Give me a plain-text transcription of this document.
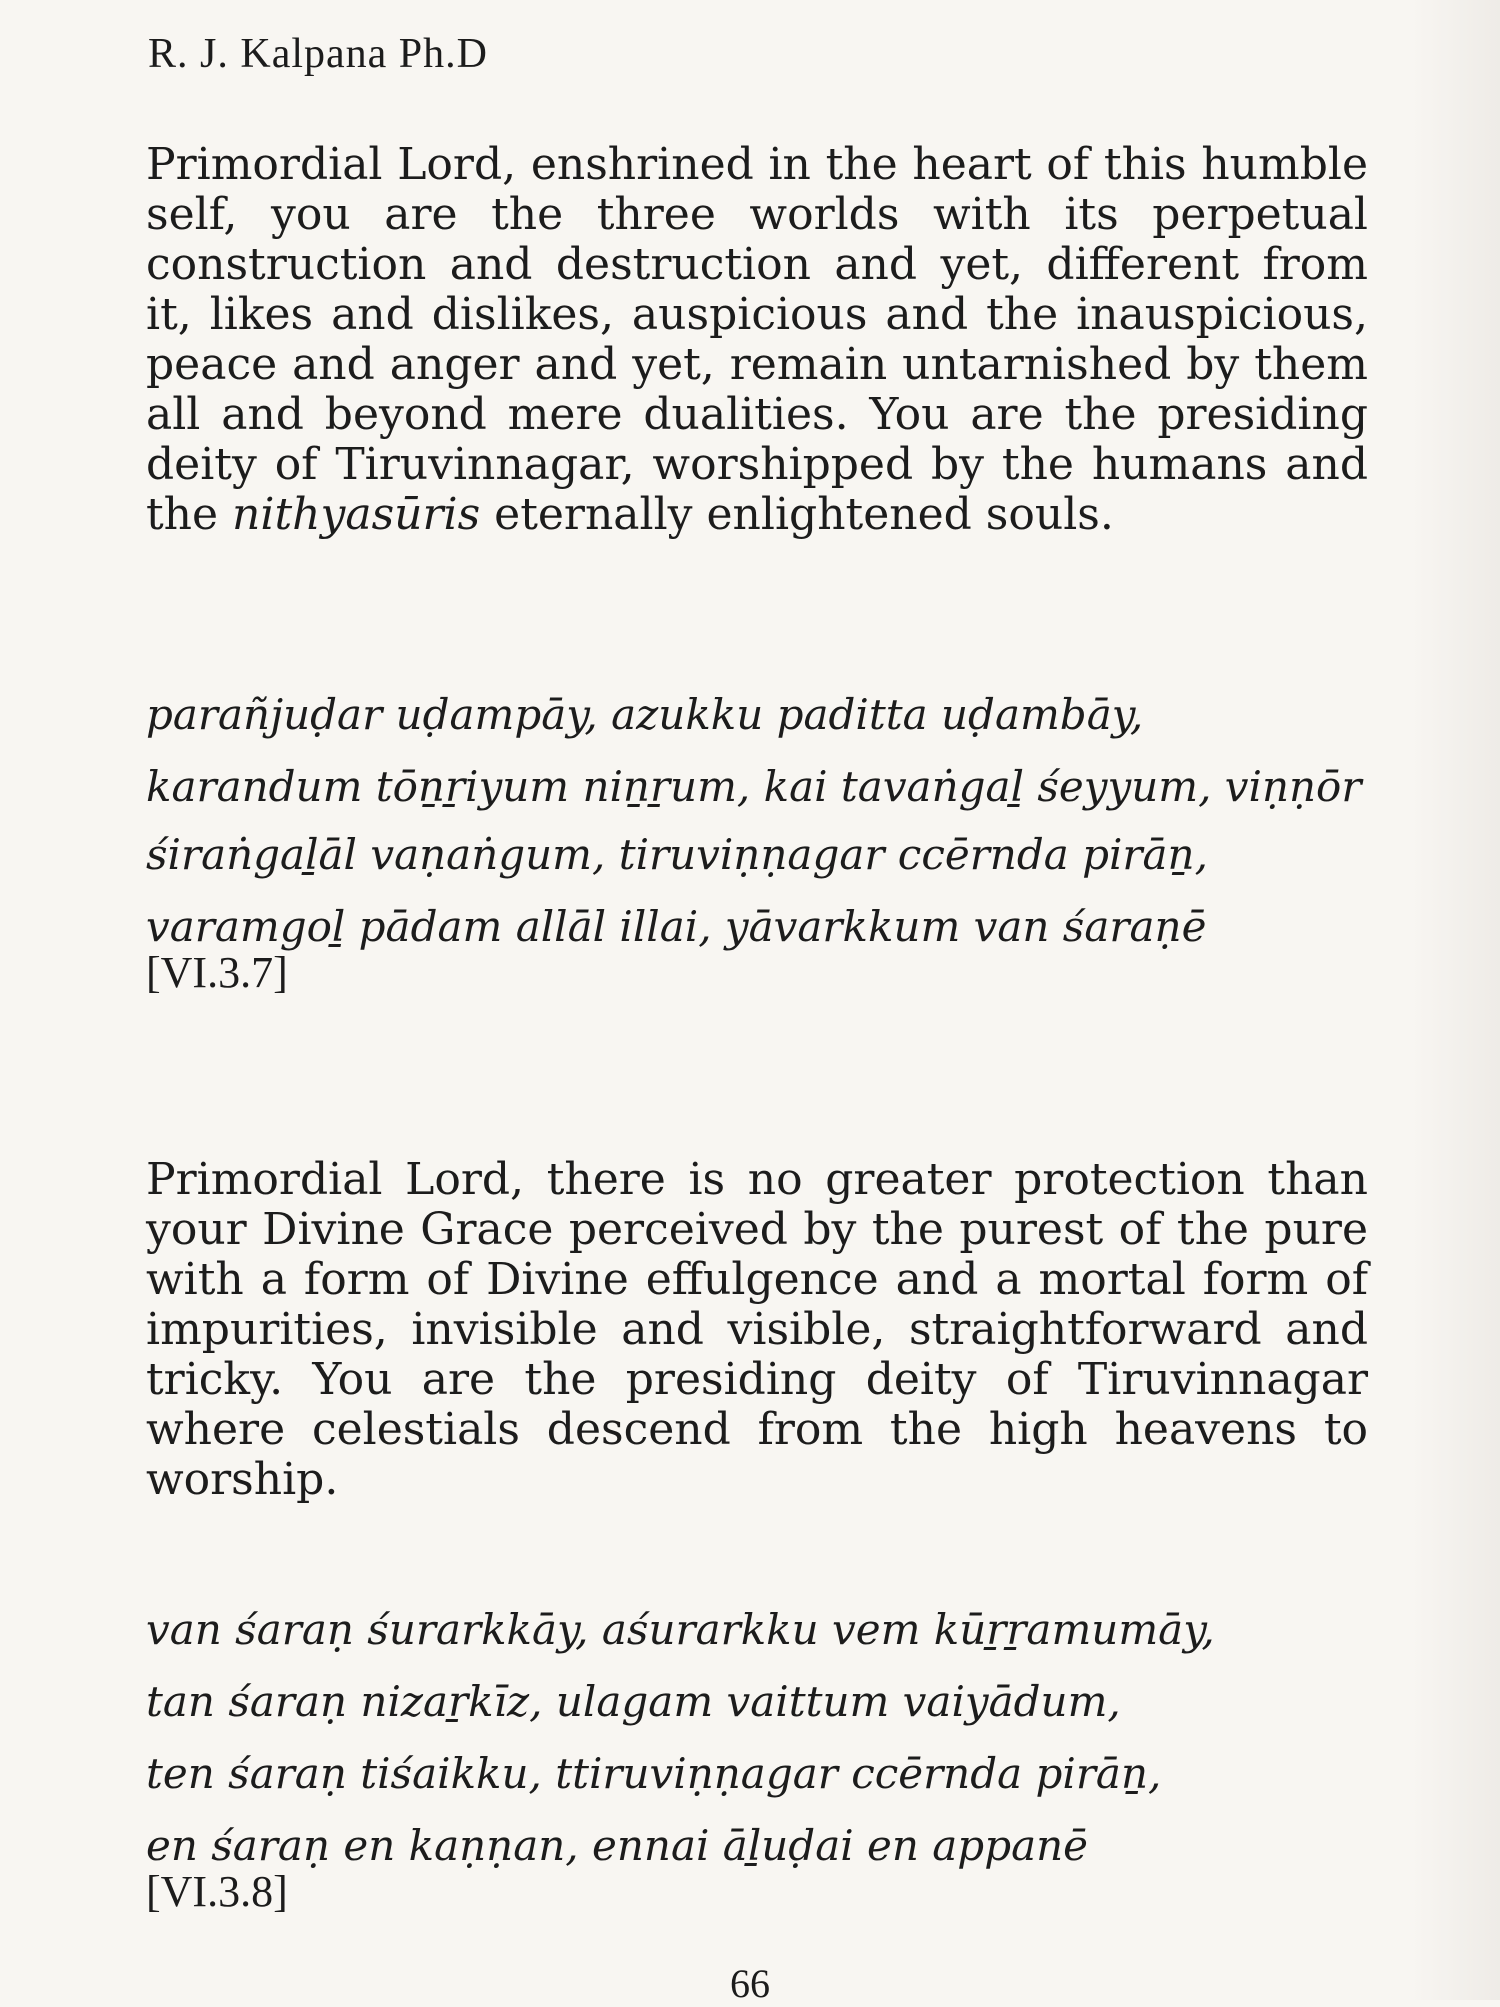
R. J. Kalpana Ph.D

Primordial Lord, enshrined in the heart of this humble self, you are the three worlds with its perpetual construction and destruction and yet, different from it, likes and dislikes, auspicious and the inauspicious, peace and anger and yet, remain untarnished by them all and beyond mere dualities. You are the presiding deity of Tiruvinnagar, worshipped by the humans and the nithyasūris eternally enlightened souls.

parañjuḍar uḍampāy, azukku paditta uḍambāy,
karandum tōṉṟiyum niṉṟum, kai tavaṅgaḻ śeyyum, viṇṇōr
śiraṅgaḻāl vaṇaṅgum, tiruviṇṇagar ccērnda pirāṉ,
varamgoḻ pādam allāl illai, yāvarkkum van śaraṇē
[VI.3.7]

Primordial Lord, there is no greater protection than your Divine Grace perceived by the purest of the pure with a form of Divine effulgence and a mortal form of impurities, invisible and visible, straightforward and tricky. You are the presiding deity of Tiruvinnagar where celestials descend from the high heavens to worship.

van śaraṇ śurarkkāy, aśurarkku vem kūṟṟamumāy,
tan śaraṇ nizaṟkīz, ulagam vaittum vaiyādum,
ten śaraṇ tiśaikku, ttiruviṇṇagar ccērnda pirāṉ,
en śaraṇ en kaṇṇan, ennai āḻuḍai en appanē
[VI.3.8]
66
